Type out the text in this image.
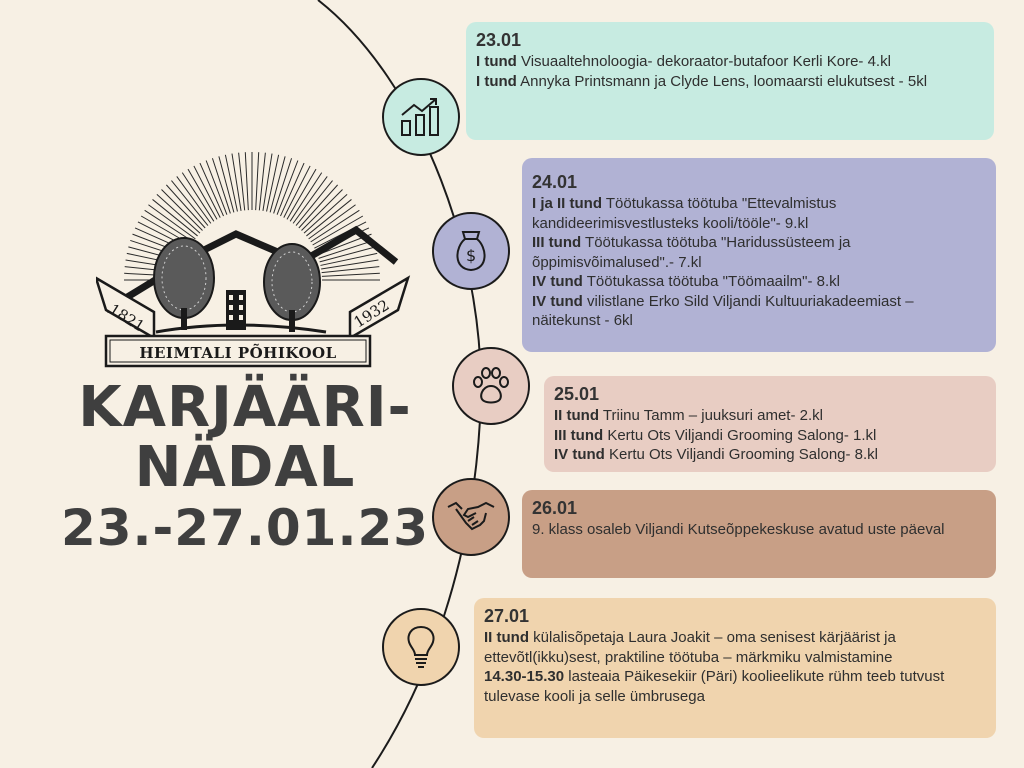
1821	1932
HEIMTALI PÕHIKOOL
KARJÄÄRI-
NÄDAL
23.-27.01.23
$
23.01
I tund Visuaaltehnoloogia- dekoraator-butafoor Kerli Kore- 4.kl
I tund Annyka Printsmann ja Clyde Lens, loomaarsti elukutsest - 5kl
24.01
I ja II tund Töötukassa töötuba "Ettevalmistus kandideerimisvestlusteks kooli/tööle"- 9.kl
III tund Töötukassa töötuba "Haridussüsteem ja õppimisvõimalused".- 7.kl
IV tund Töötukassa töötuba "Töömaailm"- 8.kl
IV tund vilistlane Erko Sild Viljandi Kultuuriakadeemiast – näitekunst - 6kl
25.01
II tund Triinu Tamm – juuksuri amet- 2.kl
III tund Kertu Ots Viljandi Grooming Salong- 1.kl
IV tund Kertu Ots Viljandi Grooming Salong- 8.kl
26.01
9. klass osaleb Viljandi Kutseõppekeskuse avatud uste päeval
27.01
II tund külalisõpetaja Laura Joakit – oma senisest kärjäärist ja ettevõtl(ikku)sest, praktiline töötuba – märkmiku valmistamine
14.30-15.30 lasteaia Päikesekiir (Päri) koolieelikute rühm teeb tutvust tulevase kooli ja selle ümbrusega
